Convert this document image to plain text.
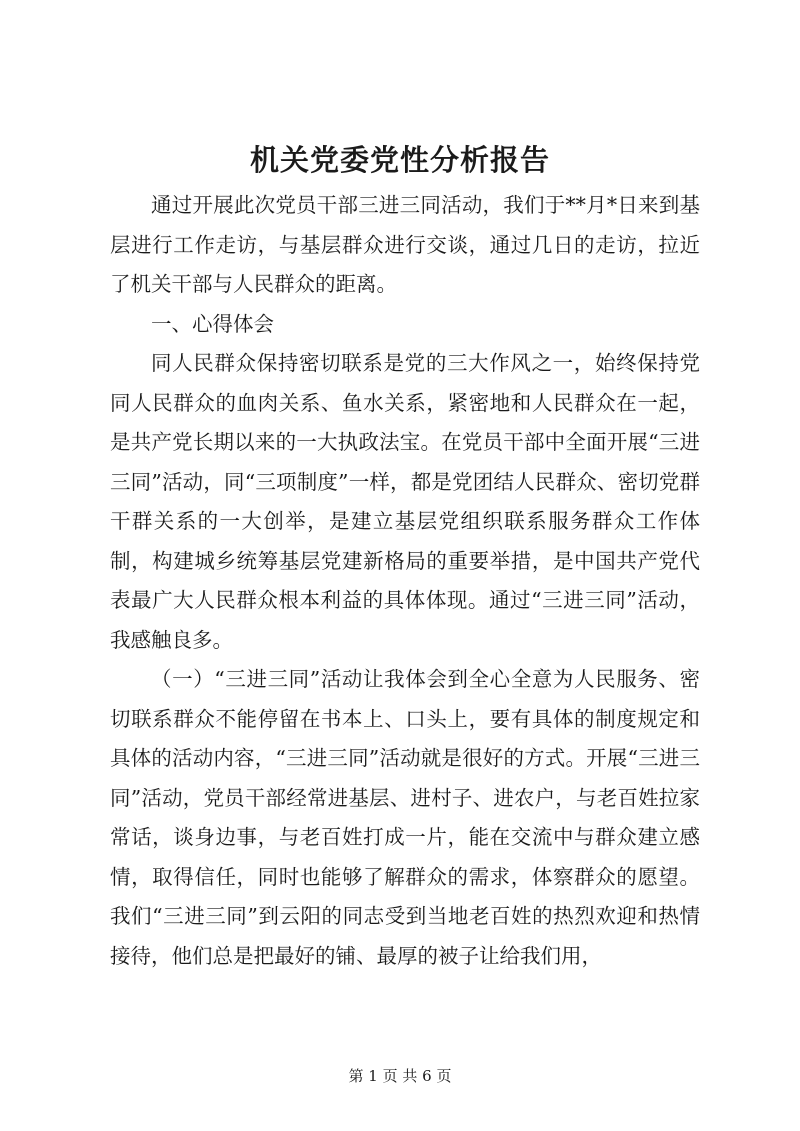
机关党委党性分析报告

通过开展此次党员干部三进三同活动，我们于**月*日来到基层进行工作走访，与基层群众进行交谈，通过几日的走访，拉近了机关干部与人民群众的距离。

一、心得体会

同人民群众保持密切联系是党的三大作风之一，始终保持党同人民群众的血肉关系、鱼水关系，紧密地和人民群众在一起，是共产党长期以来的一大执政法宝。在党员干部中全面开展“三进三同”活动，同“三项制度”一样，都是党团结人民群众、密切党群干群关系的一大创举，是建立基层党组织联系服务群众工作体制，构建城乡统筹基层党建新格局的重要举措，是中国共产党代表最广大人民群众根本利益的具体体现。通过“三进三同”活动，我感触良多。

（一）“三进三同”活动让我体会到全心全意为人民服务、密切联系群众不能停留在书本上、口头上，要有具体的制度规定和具体的活动内容，“三进三同”活动就是很好的方式。开展“三进三同”活动，党员干部经常进基层、进村子、进农户，与老百姓拉家常话，谈身边事，与老百姓打成一片，能在交流中与群众建立感情，取得信任，同时也能够了解群众的需求，体察群众的愿望。我们“三进三同”到云阳的同志受到当地老百姓的热烈欢迎和热情接待，他们总是把最好的铺、最厚的被子让给我们用，

第 1 页 共 6 页
